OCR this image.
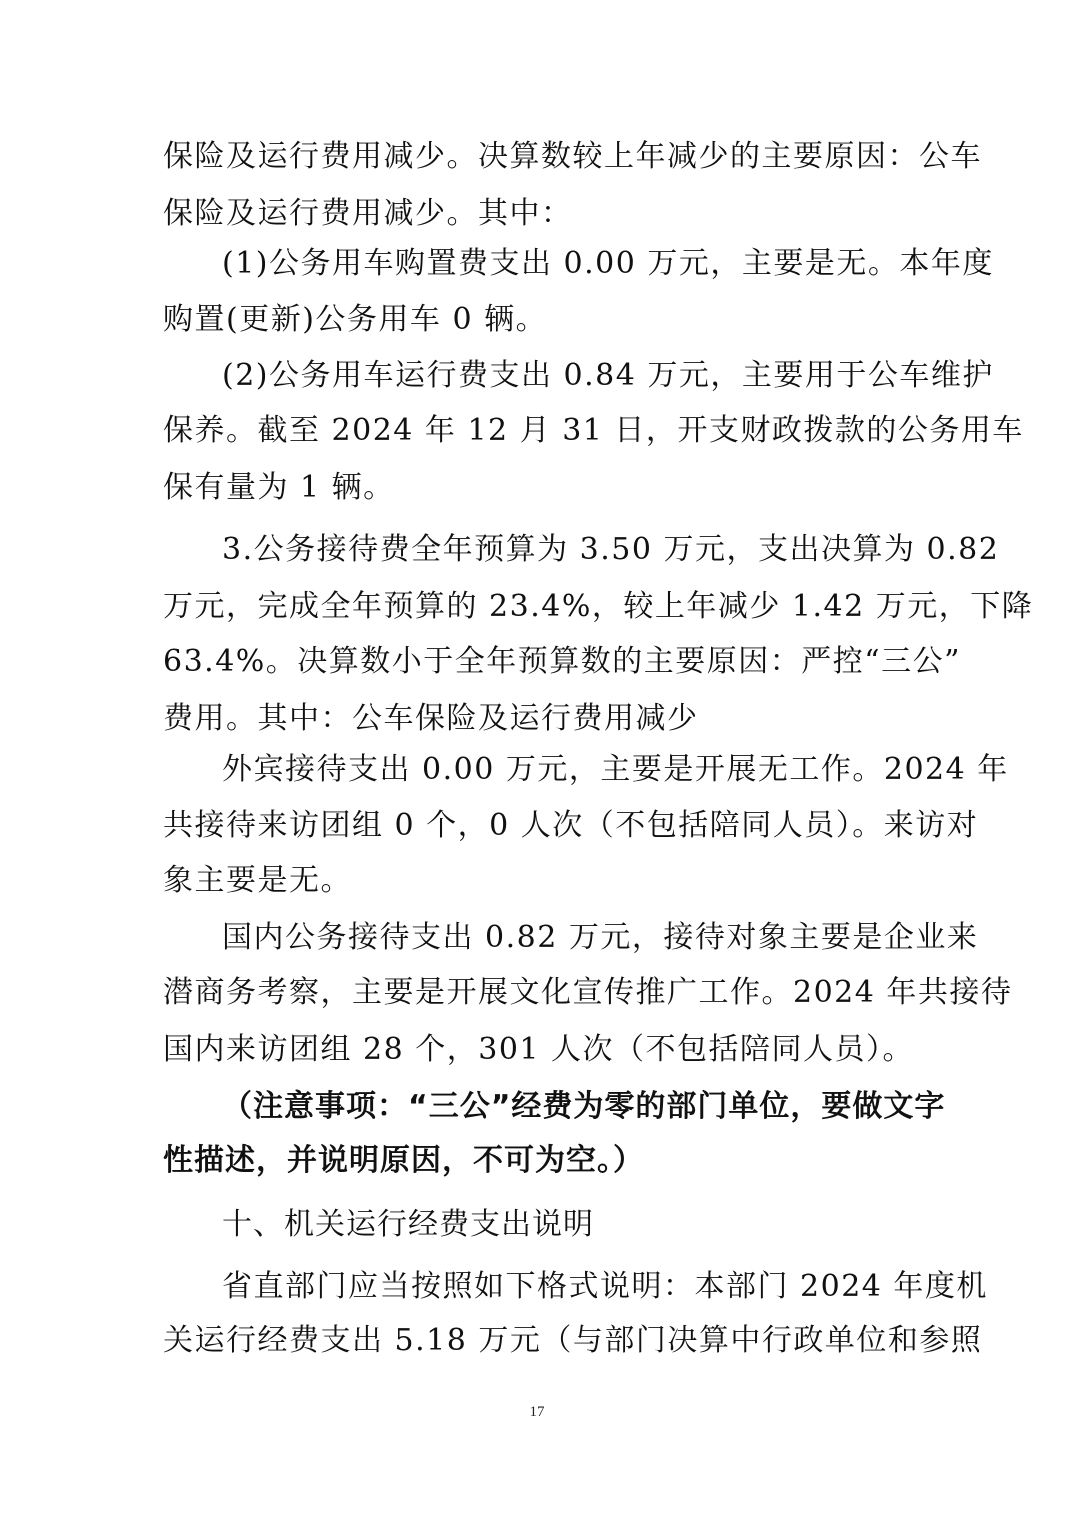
保险及运行费用减少。决算数较上年减少的主要原因：公车
保险及运行费用减少。其中：
(1)公务用车购置费支出 0.00 万元，主要是无。本年度
购置(更新)公务用车 0 辆。
(2)公务用车运行费支出 0.84 万元，主要用于公车维护
保养。截至 2024 年 12 月 31 日，开支财政拨款的公务用车
保有量为 1 辆。
3.公务接待费全年预算为 3.50 万元，支出决算为 0.82
万元，完成全年预算的 23.4%，较上年减少 1.42 万元，下降
63.4%。决算数小于全年预算数的主要原因：严控“三公”
费用。其中：公车保险及运行费用减少
外宾接待支出 0.00 万元，主要是开展无工作。2024 年
共接待来访团组 0 个，0 人次（不包括陪同人员）。来访对
象主要是无。
国内公务接待支出 0.82 万元，接待对象主要是企业来
潜商务考察，主要是开展文化宣传推广工作。2024 年共接待
国内来访团组 28 个，301 人次（不包括陪同人员）。
（注意事项：“三公”经费为零的部门单位，要做文字
性描述，并说明原因，不可为空。）
十、机关运行经费支出说明
省直部门应当按照如下格式说明：本部门 2024 年度机
关运行经费支出 5.18 万元（与部门决算中行政单位和参照
17
